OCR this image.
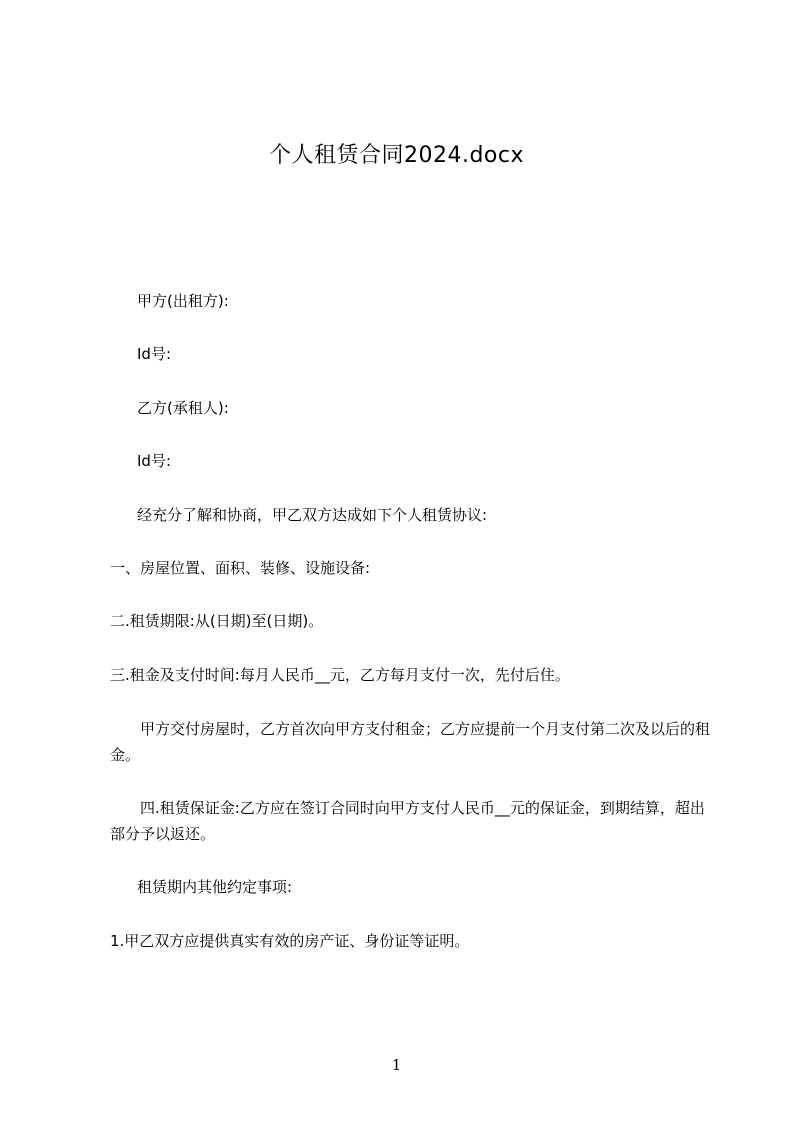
个人租赁合同2024.docx
甲方(出租方):
Id号:
乙方(承租人):
Id号:
经充分了解和协商，甲乙双方达成如下个人租赁协议:
一、房屋位置、面积、装修、设施设备:
二.租赁期限:从(日期)至(日期)。
三.租金及支付时间:每月人民币__元，乙方每月支付一次，先付后住。
甲方交付房屋时，乙方首次向甲方支付租金；乙方应提前一个月支付第二次及以后的租金。
四.租赁保证金:乙方应在签订合同时向甲方支付人民币__元的保证金，到期结算，超出部分予以返还。
租赁期内其他约定事项:
1.甲乙双方应提供真实有效的房产证、身份证等证明。
1
